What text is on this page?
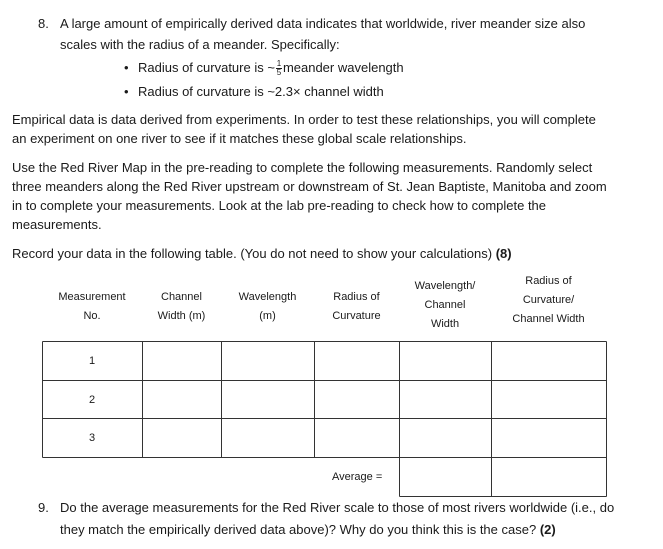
8. A large amount of empirically derived data indicates that worldwide, river meander size also
scales with the radius of a meander. Specifically:
• Radius of curvature is ~ $\frac{1}{5}$ meander wavelength
• Radius of curvature is ~2.3× channel width
Empirical data is data derived from experiments. In order to test these relationships, you will complete
an experiment on one river to see if it matches these global scale relationships.
Use the Red River Map in the pre-reading to complete the following measurements. Randomly select
three meanders along the Red River upstream or downstream of St. Jean Baptiste, Manitoba and zoom
in to complete your measurements. Look at the lab pre-reading to check how to complete the
measurements.
Record your data in the following table. (You do not need to show your calculations) (8)
Measurement
No.
Channel
Width (m)
Wavelength
(m)
Radius of
Curvature
Wavelength/
Channel
Width
Radius of
Curvature/
Channel Width
1
2
3
Average =
9. Do the average measurements for the Red River scale to those of most rivers worldwide (i.e., do
they match the empirically derived data above)? Why do you think this is the case? (2)
